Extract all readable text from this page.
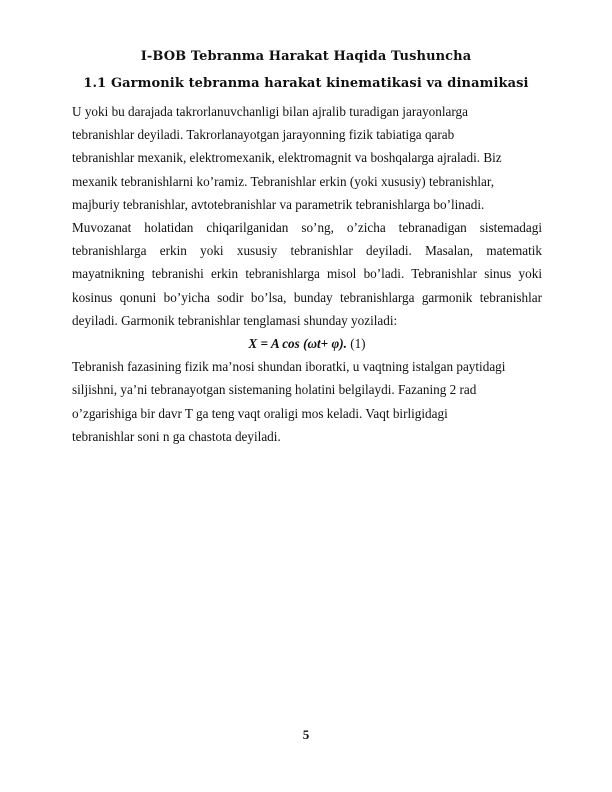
I-BOB Tebranma Harakat Haqida Tushuncha
1.1 Garmonik tebranma harakat kinematikasi va dinamikasi
U yoki bu darajada takrorlanuvchanligi bilan ajralib turadigan jarayonlarga
tebranishlar deyiladi. Takrorlanayotgan jarayonning fizik tabiatiga qarab
tebranishlar mexanik, elektromexanik, elektromagnit va boshqalarga ajraladi. Biz
mexanik tebranishlarni ko’ramiz. Tebranishlar erkin (yoki xususiy) tebranishlar,
majburiy tebranishlar, avtotebranishlar va parametrik tebranishlarga bo’linadi.
Muvozanat holatidan chiqarilganidan so’ng, o’zicha tebranadigan sistemadagi
tebranishlarga erkin yoki xususiy tebranishlar deyiladi. Masalan, matematik
mayatnikning tebranishi erkin tebranishlarga misol bo’ladi. Tebranishlar sinus yoki
kosinus qonuni bo’yicha sodir bo’lsa, bunday tebranishlarga garmonik tebranishlar
deyiladi. Garmonik tebranishlar tenglamasi shunday yoziladi:
X = A cos (ωt+ φ). (1)
Tebranish fazasining fizik ma’nosi shundan iboratki, u vaqtning istalgan paytidagi
siljishni, ya’ni tebranayotgan sistemaning holatini belgilaydi. Fazaning 2 rad
o’zgarishiga bir davr T ga teng vaqt oraligi mos keladi. Vaqt birligidagi
tebranishlar soni n ga chastota deyiladi.
5
